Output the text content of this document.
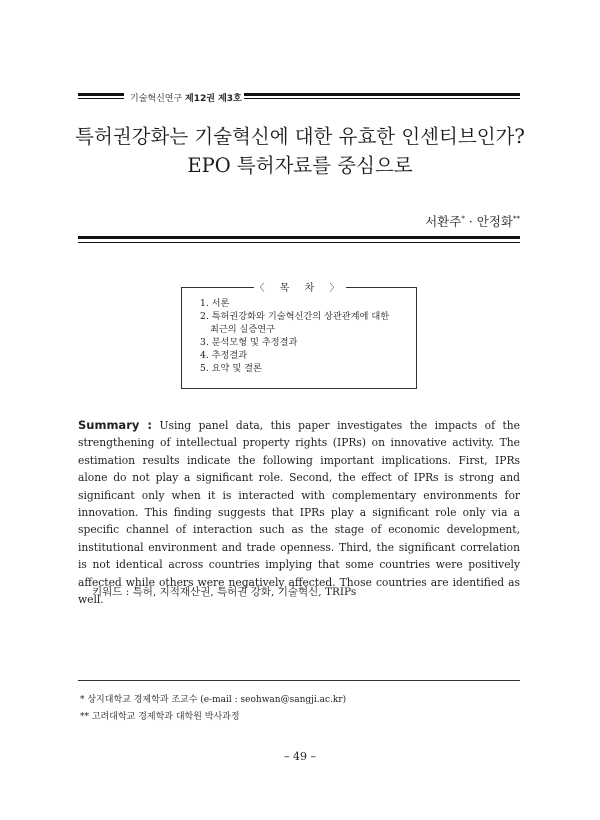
기술혁신연구 제12권 제3호
특허권강화는 기술혁신에 대한 유효한 인센티브인가?
EPO 특허자료를 중심으로
서환주* · 안정화**
〈 목 차 〉
1. 서론
2. 특허권강화와 기술혁신간의 상관관계에 대한
최근의 실증연구
3. 분석모형 및 추정결과
4. 추정결과
5. 요약 및 결론
Summary : Using panel data, this paper investigates the impacts of the strengthening of intellectual property rights (IPRs) on innovative activity. The estimation results indicate the following important implications. First, IPRs alone do not play a significant role. Second, the effect of IPRs is strong and significant only when it is interacted with complementary environments for innovation. This finding suggests that IPRs play a significant role only via a specific channel of interaction such as the stage of economic development, institutional environment and trade openness. Third, the significant correlation is not identical across countries implying that some countries were positively affected while others were negatively affected. Those countries are identified as well.
키워드 : 특허, 지적재산권, 특허권 강화, 기술혁신, TRIPs
* 상지대학교 경제학과 조교수 (e-mail : seohwan@sangji.ac.kr)
** 고려대학교 경제학과 대학원 박사과정
– 49 –
